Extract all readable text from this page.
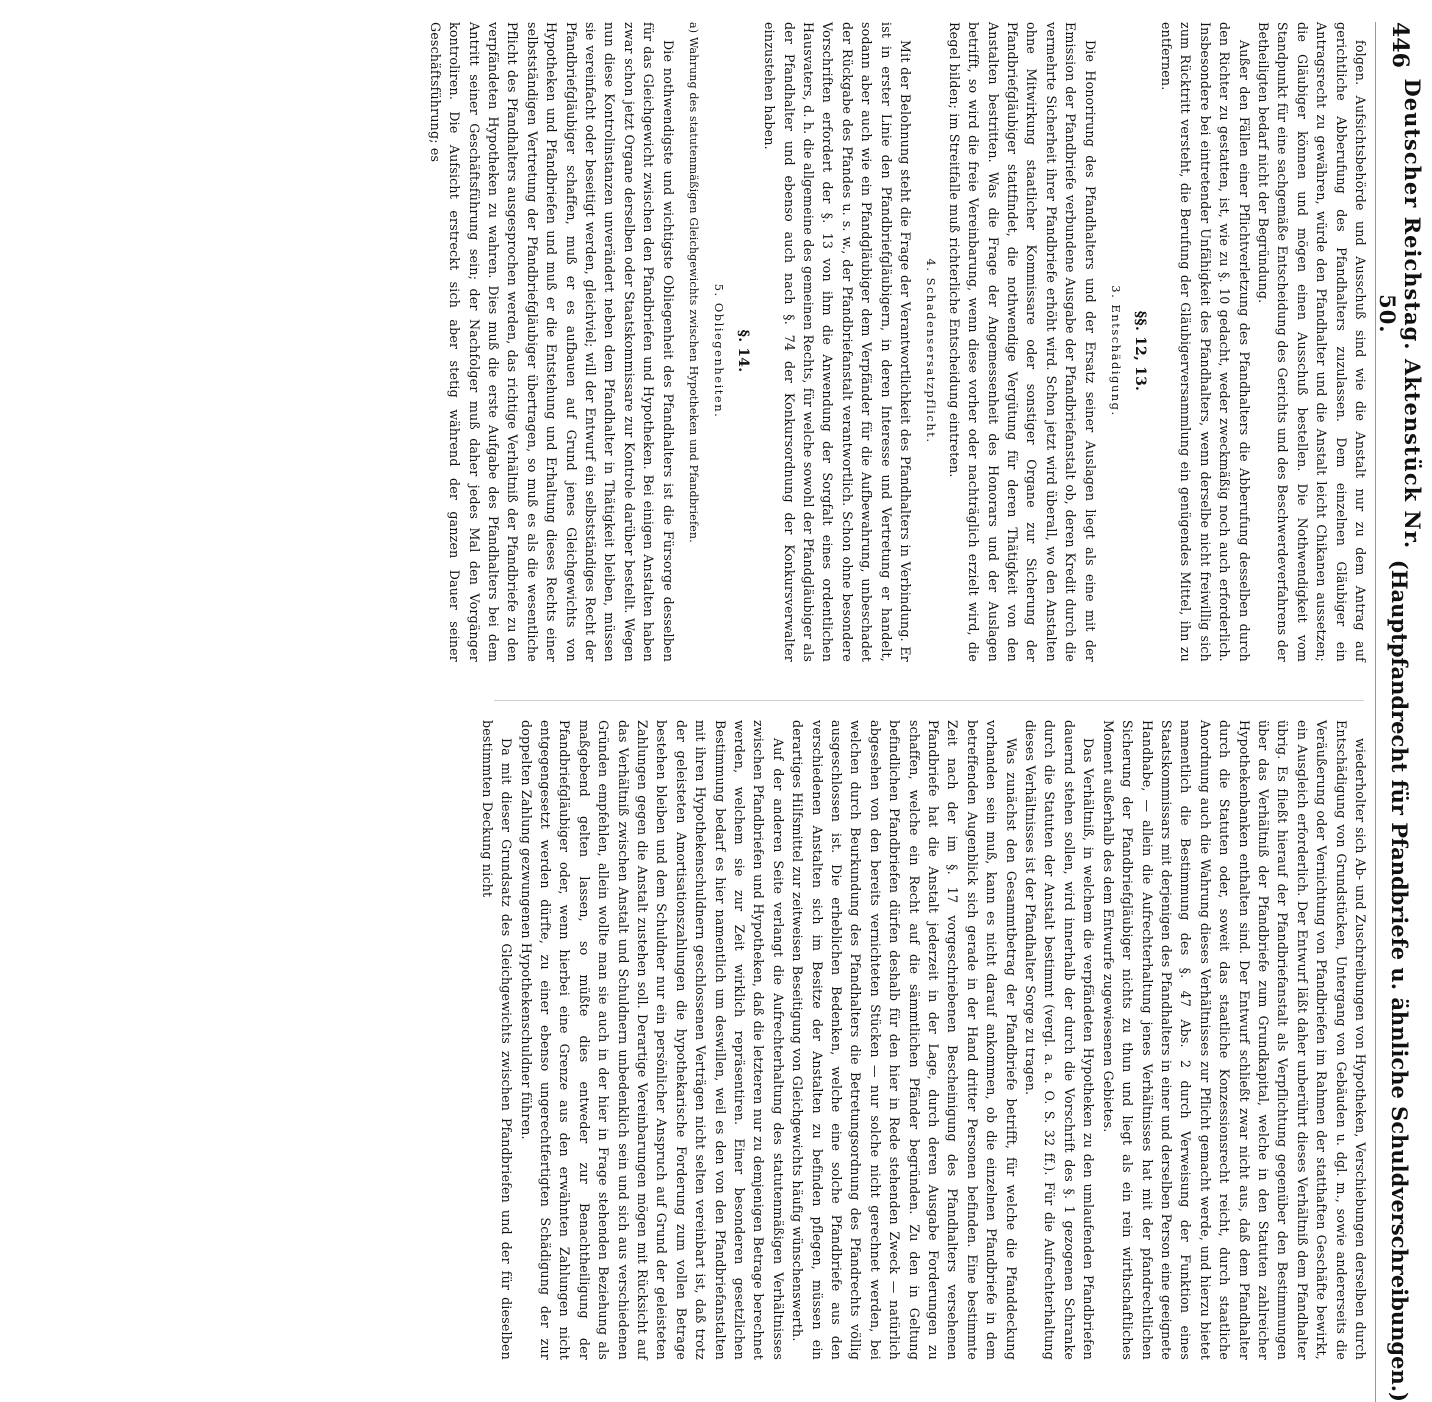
446
Deutscher Reichstag. Aktenstück Nr. 50.
(Hauptpfandrecht für Pfandbriefe u. ähnliche Schuldverschreibungen.)

folgen. Aufsichtsbehörde und Ausschuß sind wie die Anstalt nur zu dem Antrag auf gerichtliche Abberufung des Pfandhalters zuzulassen. Dem einzelnen Gläubiger ein Antragsrecht zu gewähren, würde den Pfandhalter und die Anstalt leicht Chikanen aussetzen; die Gläubiger können und mögen einen Ausschuß bestellen. Die Nothwendigkeit vom Standpunkt für eine sachgemäße Entscheidung des Gerichts und des Beschwerdeverfahrens der Betheiligten bedarf nicht der Begründung.

Außer den Fällen einer Pflichtverletzung des Pfandhalters die Abberufung desselben durch den Richter zu gestatten, ist, wie zu §. 10 gedacht, weder zweckmäßig noch auch erforderlich. Insbesondere bei eintretender Unfähigkeit des Pfandhalters, wenn derselbe nicht freiwillig sich zum Rücktritt versteht, die Berufung der Gläubigerversammlung ein genügendes Mittel, ihn zu entfernen.

§§. 12, 13.

3. Entschädigung.

Die Honorirung des Pfandhalters und der Ersatz seiner Auslagen liegt als eine mit der Emission der Pfandbriefe verbundene Ausgabe der Pfandbriefanstalt ob, deren Kredit durch die vermehrte Sicherheit ihrer Pfandbriefe erhöht wird. Schon jetzt wird überall, wo den Anstalten ohne Mitwirkung staatlicher Kommissare oder sonstiger Organe zur Sicherung der Pfandbriefgläubiger stattfindet, die nothwendige Vergütung für deren Thätigkeit von den Anstalten bestritten. Was die Frage der Angemessenheit des Honorars und der Auslagen betrifft, so wird die freie Vereinbarung, wenn diese vorher oder nachträglich erzielt wird, die Regel bilden; im Streitfalle muß richterliche Entscheidung eintreten.

4. Schadensersatzpflicht.

Mit der Belohnung steht die Frage der Verantwortlichkeit des Pfandhalters in Verbindung. Er ist in erster Linie den Pfandbriefgläubigern, in deren Interesse und Vertretung er handelt, sodann aber auch wie ein Pfandgläubiger dem Verpfänder für die Aufbewahrung, unbeschadet der Rückgabe des Pfandes u. s. w., der Pfandbriefanstalt verantwortlich. Schon ohne besondere Vorschriften erfordert der §. 13 von ihm die Anwendung der Sorgfalt eines ordentlichen Hausvaters, d. h. die allgemeine des gemeinen Rechts, für welche sowohl der Pfandgläubiger als der Pfandhalter und ebenso auch nach §. 74 der Konkursordnung der Konkursverwalter einzustehen haben.

§. 14.

5. Obliegenheiten.

a) Wahrung des statutenmäßigen Gleichgewichts zwischen Hypotheken und Pfandbriefen.

Die nothwendigste und wichtigste Obliegenheit des Pfandhalters ist die Fürsorge desselben für das Gleichgewicht zwischen den Pfandbriefen und Hypotheken. Bei einigen Anstalten haben zwar schon jetzt Organe derselben oder Staatskommissare zur Kontrole darüber bestellt. Wegen nun diese Kontrolinstanzen unverändert neben dem Pfandhalter in Thätigkeit bleiben, müssen sie vereinfacht oder beseitigt werden, gleichviel; will der Entwurf ein selbstständiges Recht der Pfandbriefgläubiger schaffen, muß er es aufbauen auf Grund jenes Gleichgewichts von Hypotheken und Pfandbriefen und muß er die Entstehung und Erhaltung dieses Rechts einer selbstständigen Vertretung der Pfandbriefgläubiger übertragen, so muß es als die wesentliche Pflicht des Pfandhalters ausgesprochen werden, das richtige Verhältniß der Pfandbriefe zu den verpfändeten Hypotheken zu wahren. Dies muß die erste Aufgabe des Pfandhalters bei dem Antritt seiner Geschäftsführung sein; der Nachfolger muß daher jedes Mal den Vorgänger kontroliren. Die Aufsicht erstreckt sich aber stetig während der ganzen Dauer seiner Geschäftsführung; es

wiederholter sich Ab- und Zuschreibungen von Hypotheken, Verschiebungen derselben durch Entschädigung von Grundstücken, Untergang von Gebäuden u. dgl. m., sowie andererseits die Veräußerung oder Vernichtung von Pfandbriefen im Rahmen der statthaften Geschäfte bewirkt, ein Ausgleich erforderlich. Der Entwurf läßt daher unberührt dieses Verhältniß dem Pfandhalter übrig. Es fließt hierauf der Pfandbriefanstalt als Verpflichtung gegenüber den Bestimmungen über das Verhältniß der Pfandbriefe zum Grundkapital, welche in den Statuten zahlreicher Hypothekenbanken enthalten sind. Der Entwurf schließt zwar nicht aus, daß dem Pfandhalter durch die Statuten oder, soweit das staatliche Konzessionsrecht reicht, durch staatliche Anordnung auch die Wahrung dieses Verhältnisses zur Pflicht gemacht werde, und hierzu bietet namentlich die Bestimmung des §. 47 Abs. 2 durch Verweisung der Funktion eines Staatskommissars mit derjenigen des Pfandhalters in einer und derselben Person eine geeignete Handhabe, — allein die Aufrechterhaltung jenes Verhältnisses hat mit der pfandrechtlichen Sicherung der Pfandbriefgläubiger nichts zu thun und liegt als ein rein wirthschaftliches Moment außerhalb des dem Entwurfe zugewiesenen Gebietes.

Das Verhältniß, in welchem die verpfändeten Hypotheken zu den umlaufenden Pfandbriefen dauernd stehen sollen, wird innerhalb der durch die Vorschrift des §. 1 gezogenen Schranke durch die Statuten der Anstalt bestimmt (vergl. a. a. O. S. 32 ff.). Für die Aufrechterhaltung dieses Verhältnisses ist der Pfandhalter Sorge zu tragen.

Was zunächst den Gesammtbetrag der Pfandbriefe betrifft, für welche die Pfanddeckung vorhanden sein muß, kann es nicht darauf ankommen, ob die einzelnen Pfandbriefe in dem betreffenden Augenblick sich gerade in der Hand dritter Personen befinden. Eine bestimmte Zeit nach der im §. 17 vorgeschriebenen Bescheinigung des Pfandhalters versehenen Pfandbriefe hat die Anstalt jederzeit in der Lage, durch deren Ausgabe Forderungen zu schaffen, welche ein Recht auf die sämmtlichen Pfänder begründen. Zu den in Geltung befindlichen Pfandbriefen dürfen deshalb für den hier in Rede stehenden Zweck — natürlich abgesehen von den bereits vernichteten Stücken — nur solche nicht gerechnet werden, bei welchen durch Beurkundung des Pfandhalters die Betretungsordnung des Pfandrechts völlig ausgeschlossen ist. Die erheblichen Bedenken, welche eine solche Pfandbriefe aus den verschiedenen Anstalten sich im Besitze der Anstalten zu befinden pflegen, müssen ein derartiges Hilfsmittel zur zeitweisen Beseitigung von Gleichgewichts häufig wünschenswerth.

Auf der anderen Seite verlangt die Aufrechterhaltung des statutenmäßigen Verhältnisses zwischen Pfandbriefen und Hypotheken, daß die letzteren nur zu demjenigen Betrage berechnet werden, welchem sie zur Zeit wirklich repräsentiren. Einer besonderen gesetzlichen Bestimmung bedarf es hier namentlich um deswillen, weil es den von den Pfandbriefanstalten mit ihren Hypothekenschuldnern geschlossenen Verträgen nicht selten vereinbart ist, daß trotz der geleisteten Amortisationszahlungen die hypothekarische Forderung zum vollen Betrage bestehen bleiben und dem Schuldner nur ein persönlicher Anspruch auf Grund der geleisteten Zahlungen gegen die Anstalt zustehen soll. Derartige Vereinbarungen mögen mit Rücksicht auf das Verhältniß zwischen Anstalt und Schuldnern unbedenklich sein und sich aus verschiedenen Gründen empfehlen, allein wollte man sie auch in der hier in Frage stehenden Beziehung als maßgebend gelten lassen, so müßte dies entweder zur Benachtheiligung der Pfandbriefgläubiger oder, wenn hierbei eine Grenze aus den erwähnten Zahlungen nicht entgegengesetzt werden dürfte, zu einer ebenso ungerechtfertigten Schädigung der zur doppelten Zahlung gezwungenen Hypothekenschuldner führen.

Da mit dieser Grundsatz des Gleichgewichts zwischen Pfandbriefen und der für dieselben bestimmten Deckung nicht
